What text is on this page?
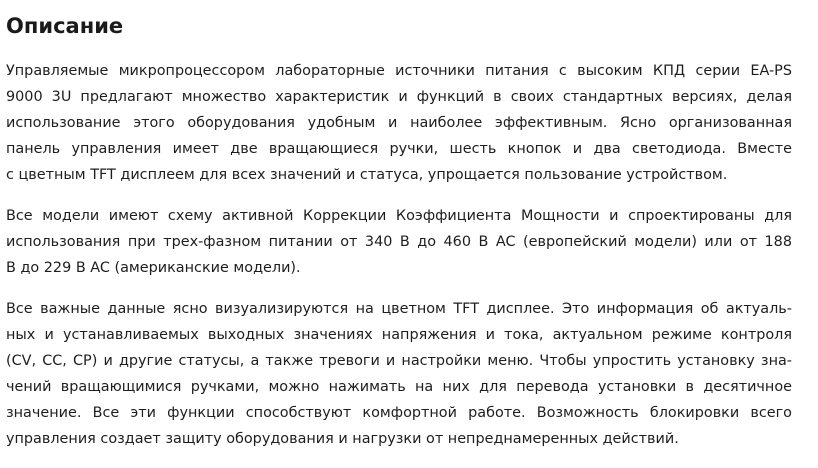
Описание

Управляемые микропроцессором лабораторные источники питания с высоким КПД серии EA-PS
9000 3U предлагают множество характеристик и функций в своих стандартных версиях, делая
использование этого оборудования удобным и наиболее эффективным. Ясно организованная
панель управления имеет две вращающиеся ручки, шесть кнопок и два светодиода. Вместе
с цветным TFT дисплеем для всех значений и статуса, упрощается пользование устройством.

Все модели имеют схему активной Коррекции Коэффициента Мощности и спроектированы для
использования при трех-фазном питании от 340 В до 460 В AC (европейский модели) или от 188
В до 229 В AC (американские модели).

Все важные данные ясно визуализируются на цветном TFT дисплее. Это информация об актуаль-
ных и устанавливаемых выходных значениях напряжения и тока, актуальном режиме контроля
(CV, CC, CP) и другие статусы, а также тревоги и настройки меню. Чтобы упростить установку зна-
чений вращающимися ручками, можно нажимать на них для перевода установки в десятичное
значение. Все эти функции способствуют комфортной работе. Возможность блокировки всего
управления создает защиту оборудования и нагрузки от непреднамеренных действий.
